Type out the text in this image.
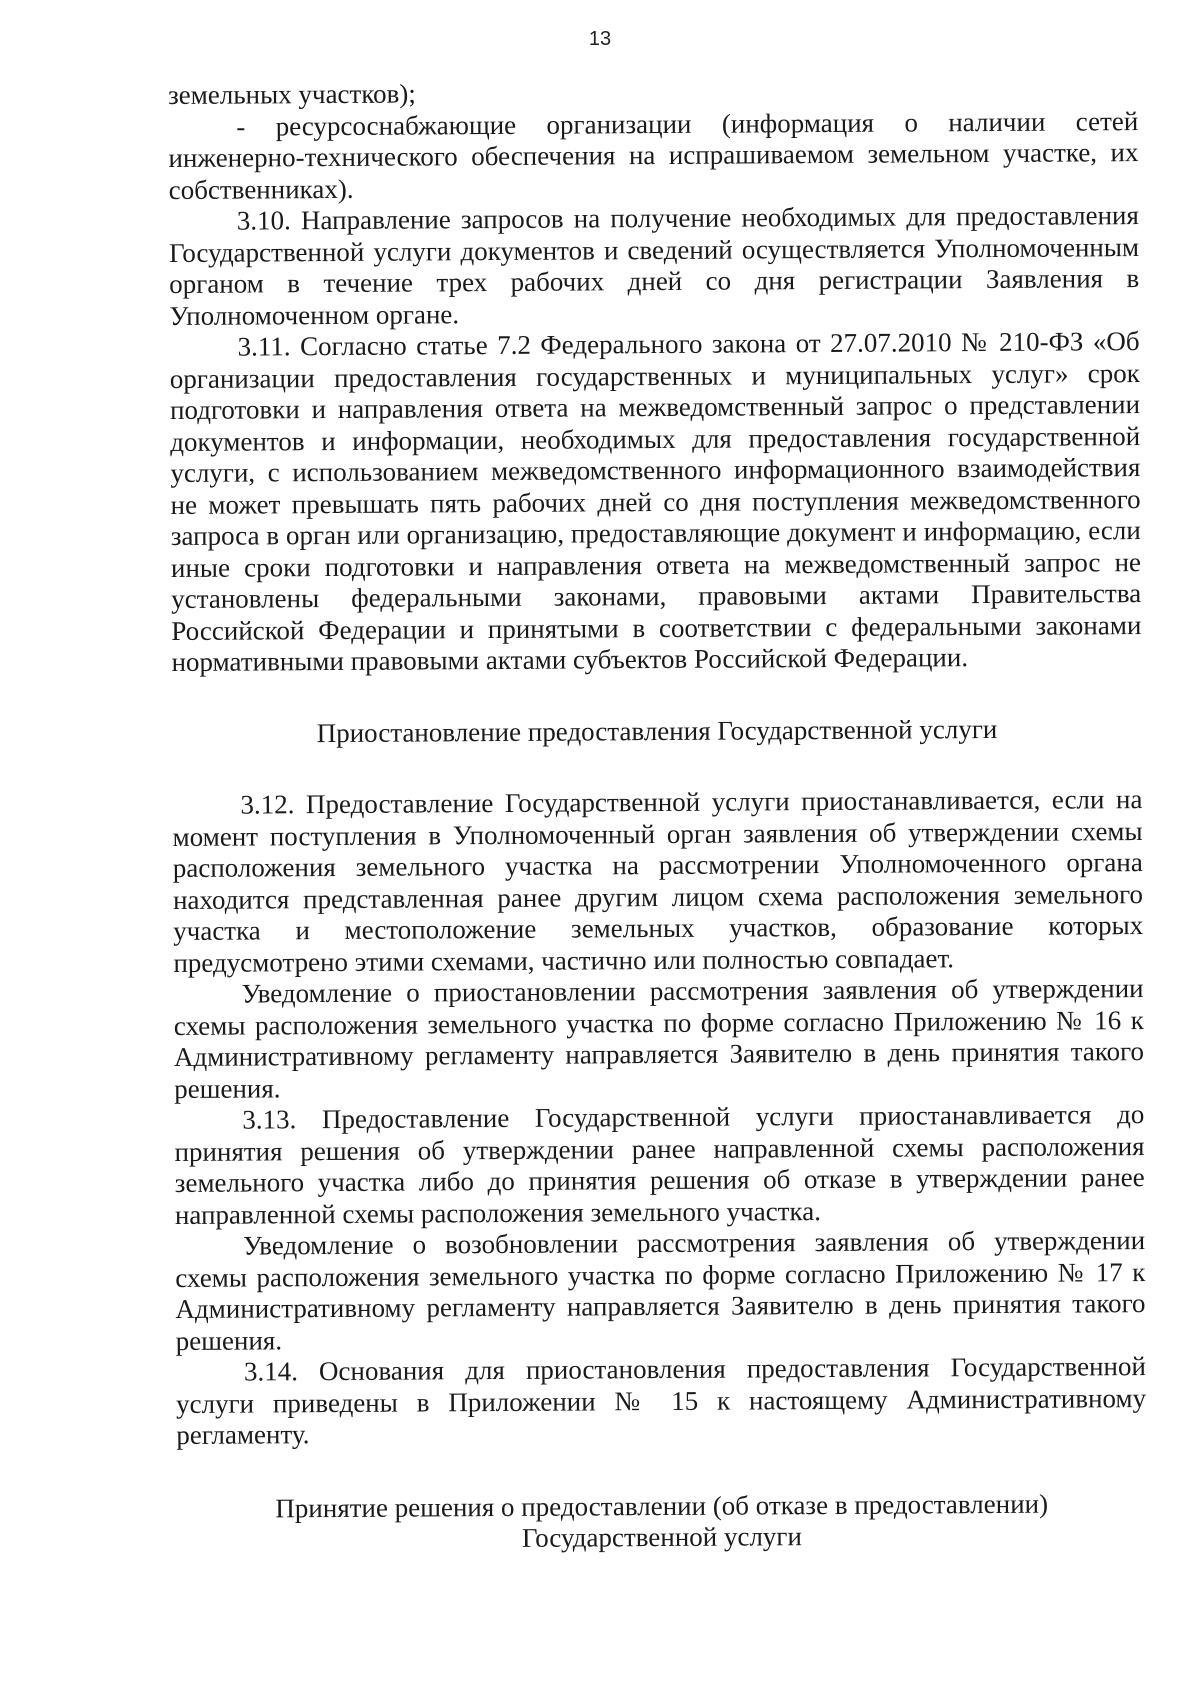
13

земельных участков);

- ресурсоснабжающие организации (информация о наличии сетей инженерно-технического обеспечения на испрашиваемом земельном участке, их собственниках).

3.10. Направление запросов на получение необходимых для предоставления Государственной услуги документов и сведений осуществляется Уполномоченным органом в течение трех рабочих дней со дня регистрации Заявления в Уполномоченном органе.

3.11. Согласно статье 7.2 Федерального закона от 27.07.2010 № 210-ФЗ «Об организации предоставления государственных и муниципальных услуг» срок подготовки и направления ответа на межведомственный запрос о представлении документов и информации, необходимых для предоставления государственной услуги, с использованием межведомственного информационного взаимодействия не может превышать пять рабочих дней со дня поступления межведомственного запроса в орган или организацию, предоставляющие документ и информацию, если иные сроки подготовки и направления ответа на межведомственный запрос не установлены федеральными законами, правовыми актами Правительства Российской Федерации и принятыми в соответствии с федеральными законами нормативными правовыми актами субъектов Российской Федерации.

Приостановление предоставления Государственной услуги

3.12. Предоставление Государственной услуги приостанавливается, если на момент поступления в Уполномоченный орган заявления об утверждении схемы расположения земельного участка на рассмотрении Уполномоченного органа находится представленная ранее другим лицом схема расположения земельного участка и местоположение земельных участков, образование которых предусмотрено этими схемами, частично или полностью совпадает.

Уведомление о приостановлении рассмотрения заявления об утверждении схемы расположения земельного участка по форме согласно Приложению № 16 к Административному регламенту направляется Заявителю в день принятия такого решения.

3.13. Предоставление Государственной услуги приостанавливается до принятия решения об утверждении ранее направленной схемы расположения земельного участка либо до принятия решения об отказе в утверждении ранее направленной схемы расположения земельного участка.

Уведомление о возобновлении рассмотрения заявления об утверждении схемы расположения земельного участка по форме согласно Приложению № 17 к Административному регламенту направляется Заявителю в день принятия такого решения.

3.14. Основания для приостановления предоставления Государственной услуги приведены в Приложении № 15 к настоящему Административному регламенту.

Принятие решения о предоставлении (об отказе в предоставлении)
Государственной услуги
